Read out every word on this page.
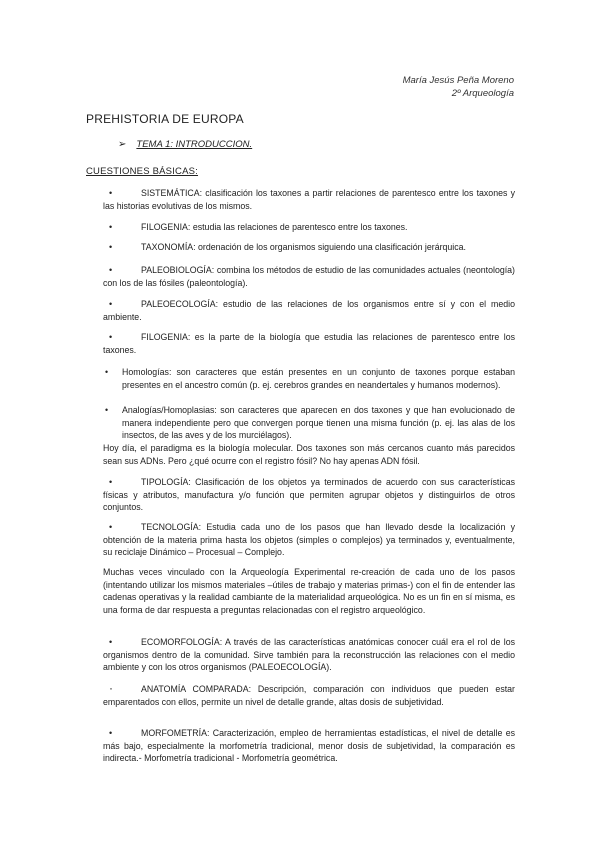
María Jesús Peña Moreno
2º Arqueología
PREHISTORIA DE EUROPA
➢ TEMA 1: INTRODUCCION.
CUESTIONES BÁSICAS:

•SISTEMÁTICA: clasificación los taxones a partir relaciones de parentesco entre los taxones y las historias evolutivas de los mismos.

•FILOGENIA: estudia las relaciones de parentesco entre los taxones.

•TAXONOMÍA: ordenación de los organismos siguiendo una clasificación jerárquica.

•PALEOBIOLOGÍA: combina los métodos de estudio de las comunidades actuales (neontología) con los de las fósiles (paleontología).

•PALEOECOLOGÍA: estudio de las relaciones de los organismos entre sí y con el medio ambiente.

•FILOGENIA: es la parte de la biología que estudia las relaciones de parentesco entre los taxones.

• Homologías: son caracteres que están presentes en un conjunto de taxones porque estaban presentes en el ancestro común (p. ej. cerebros grandes en neandertales y humanos modernos).
• Analogías/Homoplasias: son caracteres que aparecen en dos taxones y que han evolucionado de manera independiente pero que convergen porque tienen una misma función (p. ej. las alas de los insectos, de las aves y de los murciélagos).
Hoy día, el paradigma es la biología molecular. Dos taxones son más cercanos cuanto más parecidos sean sus ADNs. Pero ¿qué ocurre con el registro fósil? No hay apenas ADN fósil.

•TIPOLOGÍA: Clasificación de los objetos ya terminados de acuerdo con sus características físicas y atributos, manufactura y/o función que permiten agrupar objetos y distinguirlos de otros conjuntos.

•TECNOLOGÍA: Estudia cada uno de los pasos que han llevado desde la localización y obtención de la materia prima hasta los objetos (simples o complejos) ya terminados y, eventualmente, su reciclaje Dinámico – Procesual – Complejo.

Muchas veces vinculado con la Arqueología Experimental re-creación de cada uno de los pasos (intentando utilizar los mismos materiales –útiles de trabajo y materias primas-) con el fin de entender las cadenas operativas y la realidad cambiante de la materialidad arqueológica. No es un fin en sí misma, es una forma de dar respuesta a preguntas relacionadas con el registro arqueológico.

•ECOMORFOLOGÍA: A través de las características anatómicas conocer cuál era el rol de los organismos dentro de la comunidad. Sirve también para la reconstrucción las relaciones con el medio ambiente y con los otros organismos (PALEOECOLOGÍA).

·ANATOMÍA COMPARADA: Descripción, comparación con individuos que pueden estar emparentados con ellos, permite un nivel de detalle grande, altas dosis de subjetividad.

•MORFOMETRÍA: Caracterización, empleo de herramientas estadísticas, el nivel de detalle es más bajo, especialmente la morfometría tradicional, menor dosis de subjetividad, la comparación es indirecta.- Morfometría tradicional - Morfometría geométrica.
